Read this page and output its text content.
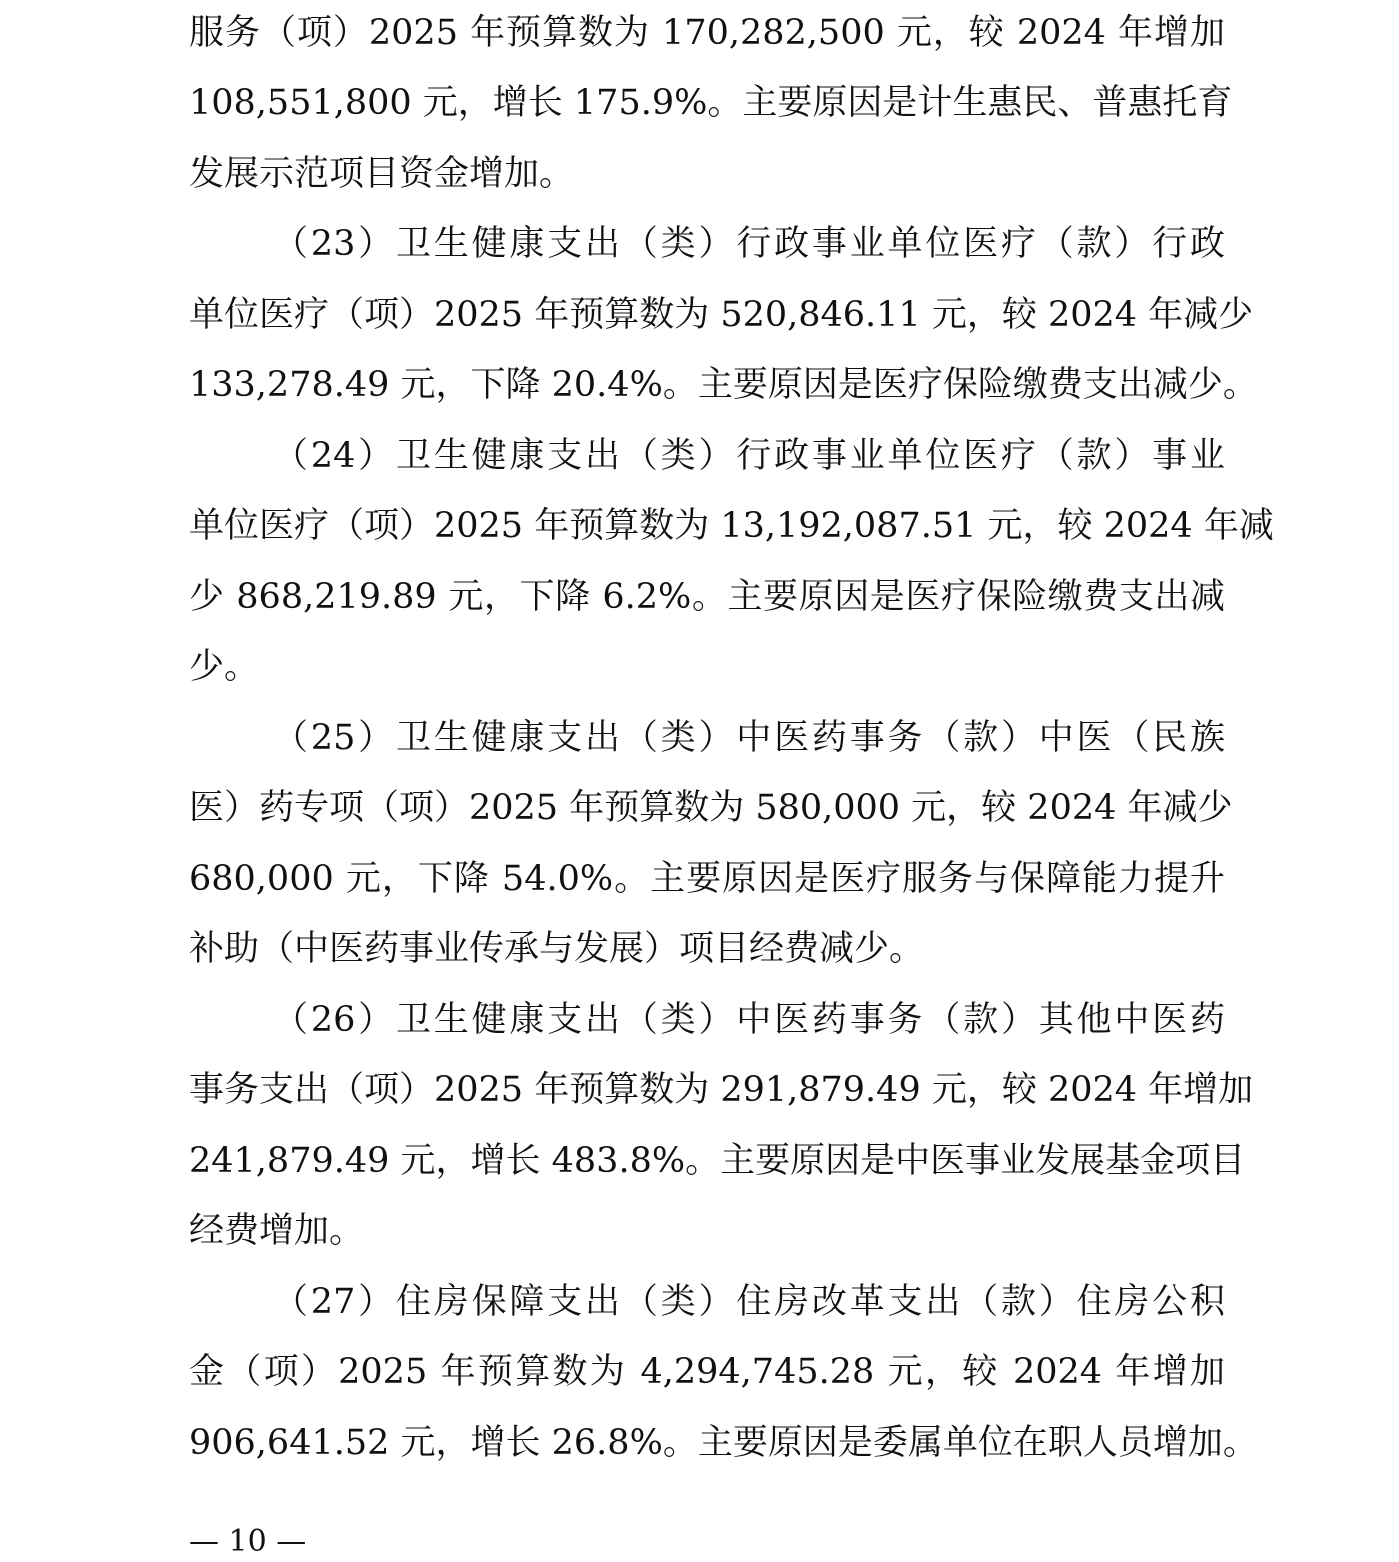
服务（项）2025 年预算数为 170,282,500 元，较 2024 年增加
108,551,800 元，增长 175.9%。主要原因是计生惠民、普惠托育
发展示范项目资金增加。
（23）卫生健康支出（类）行政事业单位医疗（款）行政
单位医疗（项）2025 年预算数为 520,846.11 元，较 2024 年减少
133,278.49 元，下降 20.4%。主要原因是医疗保险缴费支出减少。
（24）卫生健康支出（类）行政事业单位医疗（款）事业
单位医疗（项）2025 年预算数为 13,192,087.51 元，较 2024 年减
少 868,219.89 元，下降 6.2%。主要原因是医疗保险缴费支出减
少。
（25）卫生健康支出（类）中医药事务（款）中医（民族
医）药专项（项）2025 年预算数为 580,000 元，较 2024 年减少
680,000 元，下降 54.0%。主要原因是医疗服务与保障能力提升
补助（中医药事业传承与发展）项目经费减少。
（26）卫生健康支出（类）中医药事务（款）其他中医药
事务支出（项）2025 年预算数为 291,879.49 元，较 2024 年增加
241,879.49 元，增长 483.8%。主要原因是中医事业发展基金项目
经费增加。
（27）住房保障支出（类）住房改革支出（款）住房公积
金（项）2025 年预算数为 4,294,745.28 元，较 2024 年增加
906,641.52 元，增长 26.8%。主要原因是委属单位在职人员增加。
— 10 —
